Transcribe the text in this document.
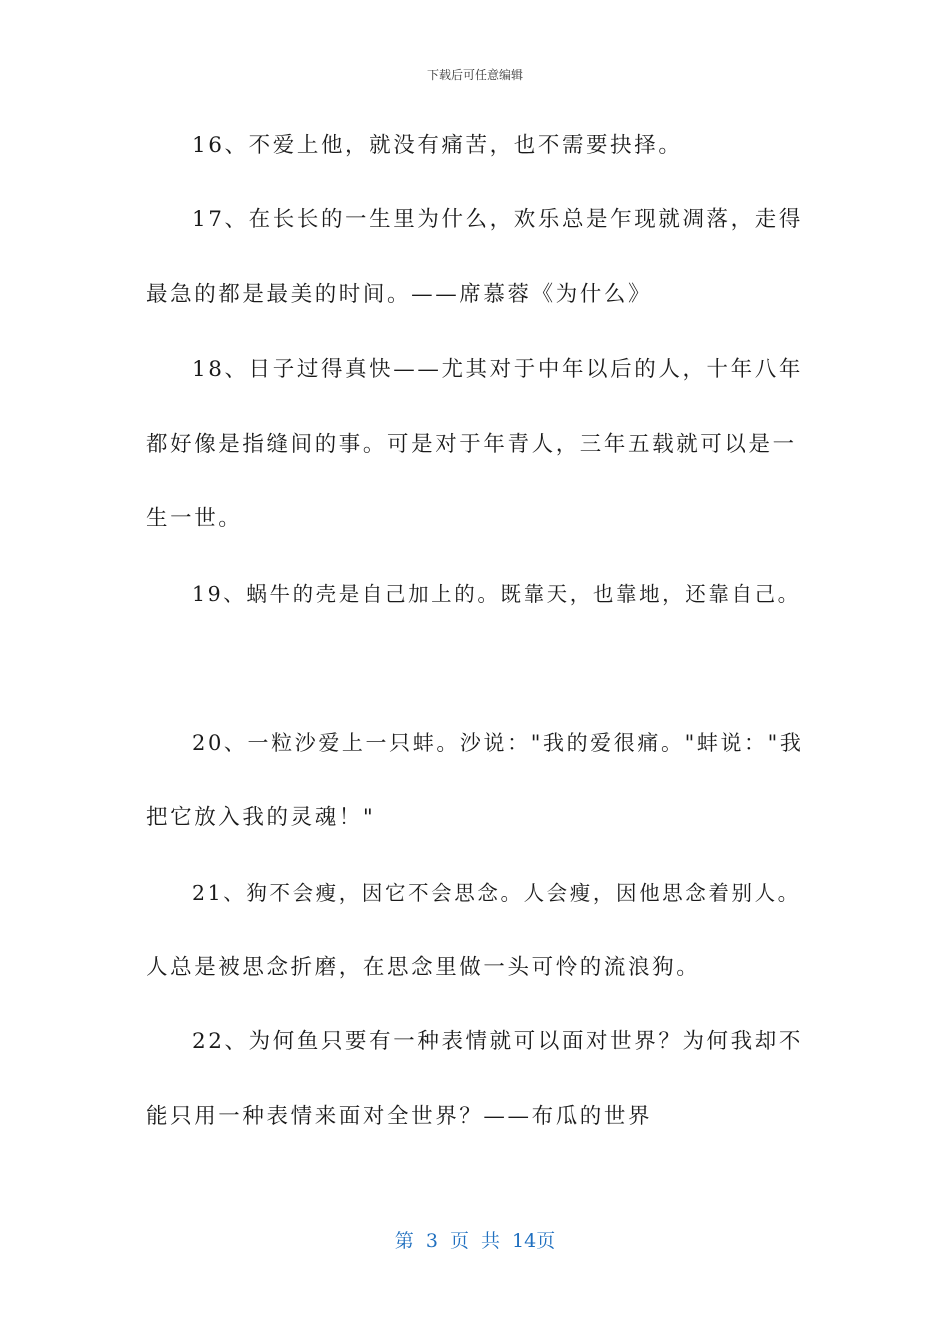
下载后可任意编辑
16、不爱上他，就没有痛苦，也不需要抉择。
17、在长长的一生里为什么，欢乐总是乍现就凋落，走得
最急的都是最美的时间。——席慕蓉《为什么》
18、日子过得真快——尤其对于中年以后的人，十年八年
都好像是指缝间的事。可是对于年青人，三年五载就可以是一
生一世。
19、蜗牛的壳是自己加上的。既靠天，也靠地，还靠自己。
20、一粒沙爱上一只蚌。沙说："我的爱很痛。"蚌说："我
把它放入我的灵魂！"
21、狗不会瘦，因它不会思念。人会瘦，因他思念着别人。
人总是被思念折磨，在思念里做一头可怜的流浪狗。
22、为何鱼只要有一种表情就可以面对世界？为何我却不
能只用一种表情来面对全世界？——布瓜的世界
第 3 页 共 14页
